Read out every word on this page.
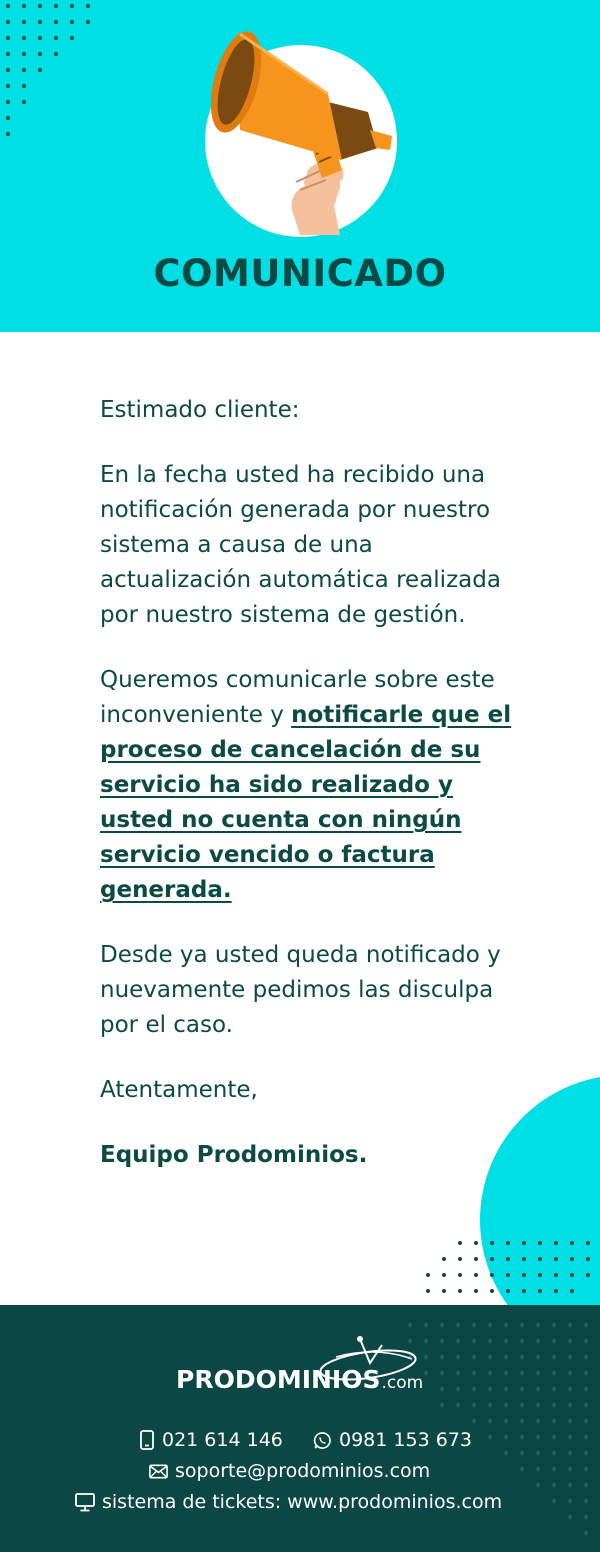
COMUNICADO

Estimado cliente:

En la fecha usted ha recibido una notificación generada por nuestro sistema a causa de una actualización automática realizada por nuestro sistema de gestión.

Queremos comunicarle sobre este inconveniente y notificarle que el proceso de cancelación de su servicio ha sido realizado y usted no cuenta con ningún servicio vencido o factura generada.

Desde ya usted queda notificado y nuevamente pedimos las disculpa por el caso.

Atentamente,

Equipo Prodominios.

PRODOMINIOS.com
021 614 146	0981 153 673
soporte@prodominios.com
sistema de tickets: www.prodominios.com
